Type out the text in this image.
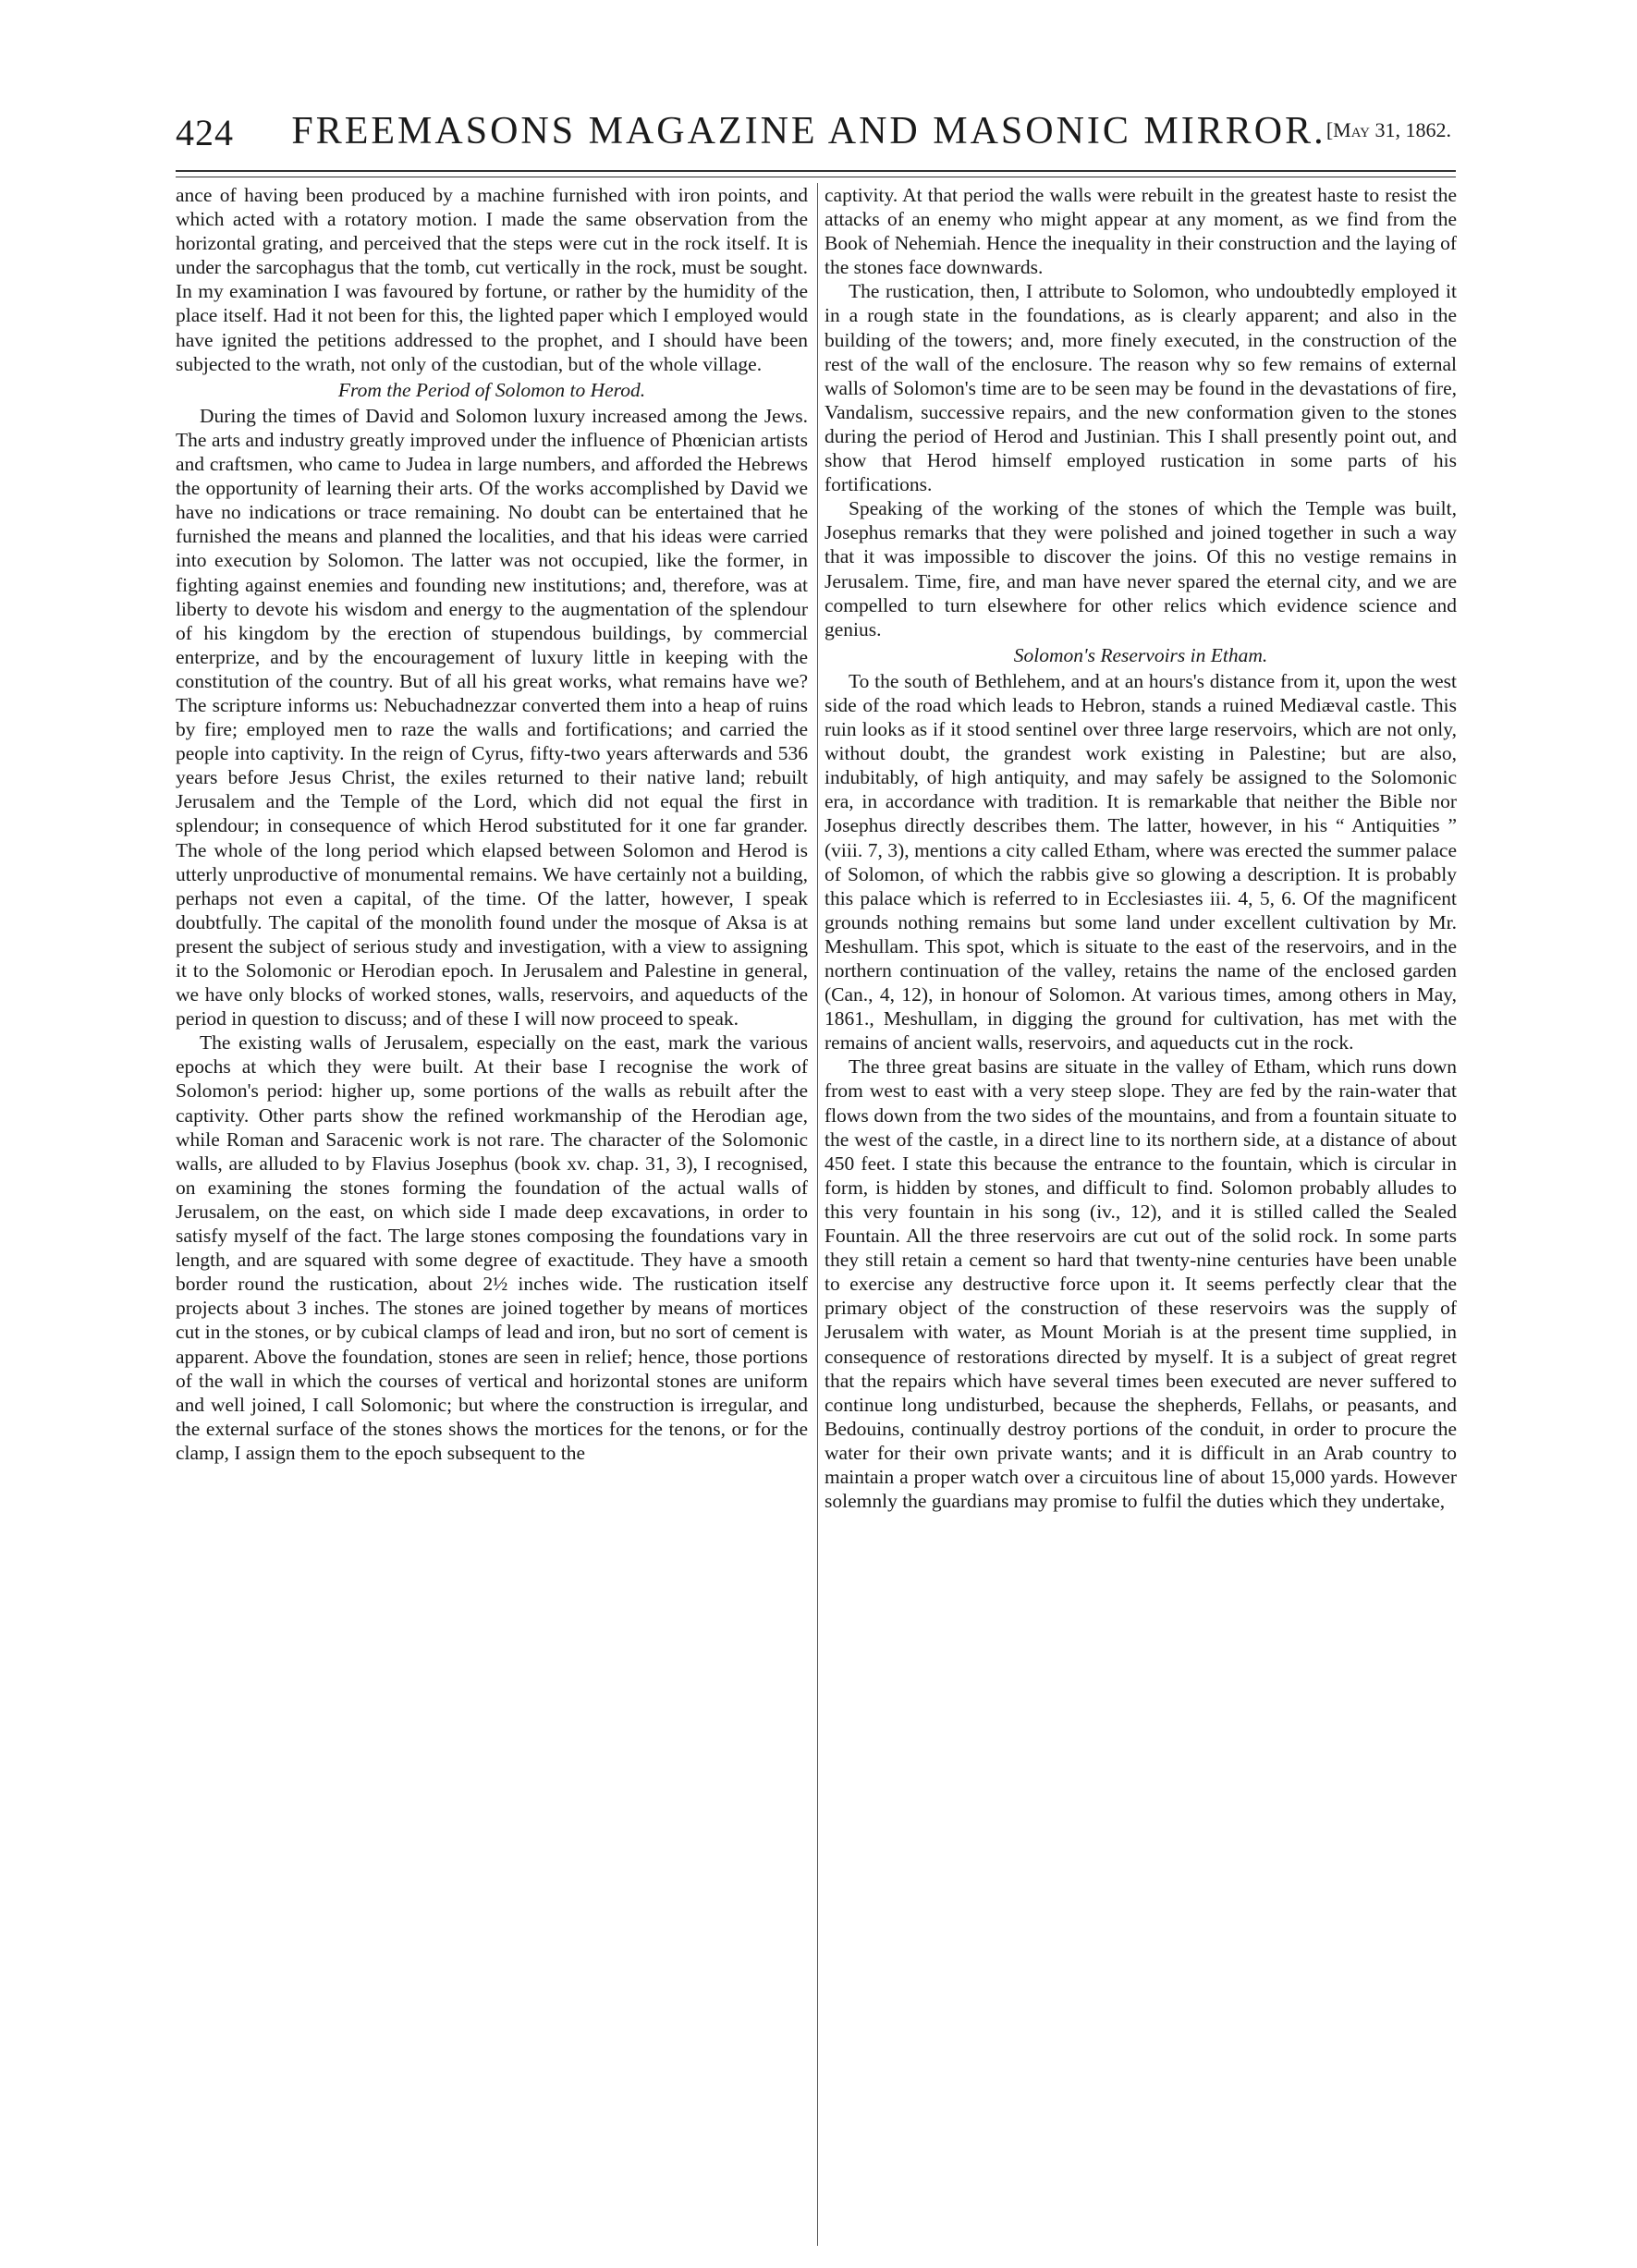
424 FREEMASONS MAGAZINE AND MASONIC MIRROR. [May 31, 1862.

ance of having been produced by a machine furnished with iron points, and which acted with a rotatory motion. I made the same observation from the horizontal grating, and perceived that the steps were cut in the rock itself. It is under the sarcophagus that the tomb, cut vertically in the rock, must be sought. In my examination I was favoured by fortune, or rather by the humidity of the place itself. Had it not been for this, the lighted paper which I employed would have ignited the petitions addressed to the prophet, and I should have been subjected to the wrath, not only of the custodian, but of the whole village.

From the Period of Solomon to Herod.

During the times of David and Solomon luxury increased among the Jews. The arts and industry greatly improved under the influence of Phœnician artists and craftsmen, who came to Judea in large numbers, and afforded the Hebrews the opportunity of learning their arts. Of the works accomplished by David we have no indications or trace remaining. No doubt can be entertained that he furnished the means and planned the localities, and that his ideas were carried into execution by Solomon. The latter was not occupied, like the former, in fighting against enemies and founding new institutions; and, therefore, was at liberty to devote his wisdom and energy to the augmentation of the splendour of his kingdom by the erection of stupendous buildings, by commercial enterprize, and by the encouragement of luxury little in keeping with the constitution of the country. But of all his great works, what remains have we? The scripture informs us: Nebuchadnezzar converted them into a heap of ruins by fire; employed men to raze the walls and fortifications; and carried the people into captivity. In the reign of Cyrus, fifty-two years afterwards and 536 years before Jesus Christ, the exiles returned to their native land; rebuilt Jerusalem and the Temple of the Lord, which did not equal the first in splendour; in consequence of which Herod substituted for it one far grander. The whole of the long period which elapsed between Solomon and Herod is utterly unproductive of monumental remains. We have certainly not a building, perhaps not even a capital, of the time. Of the latter, however, I speak doubtfully. The capital of the monolith found under the mosque of Aksa is at present the subject of serious study and investigation, with a view to assigning it to the Solomonic or Herodian epoch. In Jerusalem and Palestine in general, we have only blocks of worked stones, walls, reservoirs, and aqueducts of the period in question to discuss; and of these I will now proceed to speak.

The existing walls of Jerusalem, especially on the east, mark the various epochs at which they were built. At their base I recognise the work of Solomon's period: higher up, some portions of the walls as rebuilt after the captivity. Other parts show the refined workmanship of the Herodian age, while Roman and Saracenic work is not rare. The character of the Solomonic walls, are alluded to by Flavius Josephus (book xv. chap. 31, 3), I recognised, on examining the stones forming the foundation of the actual walls of Jerusalem, on the east, on which side I made deep excavations, in order to satisfy myself of the fact. The large stones composing the foundations vary in length, and are squared with some degree of exactitude. They have a smooth border round the rustication, about 2½ inches wide. The rustication itself projects about 3 inches. The stones are joined together by means of mortices cut in the stones, or by cubical clamps of lead and iron, but no sort of cement is apparent. Above the foundation, stones are seen in relief; hence, those portions of the wall in which the courses of vertical and horizontal stones are uniform and well joined, I call Solomonic; but where the construction is irregular, and the external surface of the stones shows the mortices for the tenons, or for the clamp, I assign them to the epoch subsequent to the

captivity. At that period the walls were rebuilt in the greatest haste to resist the attacks of an enemy who might appear at any moment, as we find from the Book of Nehemiah. Hence the inequality in their construction and the laying of the stones face downwards.

The rustication, then, I attribute to Solomon, who undoubtedly employed it in a rough state in the foundations, as is clearly apparent; and also in the building of the towers; and, more finely executed, in the construction of the rest of the wall of the enclosure. The reason why so few remains of external walls of Solomon's time are to be seen may be found in the devastations of fire, Vandalism, successive repairs, and the new conformation given to the stones during the period of Herod and Justinian. This I shall presently point out, and show that Herod himself employed rustication in some parts of his fortifications.

Speaking of the working of the stones of which the Temple was built, Josephus remarks that they were polished and joined together in such a way that it was impossible to discover the joins. Of this no vestige remains in Jerusalem. Time, fire, and man have never spared the eternal city, and we are compelled to turn elsewhere for other relics which evidence science and genius.

Solomon's Reservoirs in Etham.

To the south of Bethlehem, and at an hours's distance from it, upon the west side of the road which leads to Hebron, stands a ruined Mediæval castle. This ruin looks as if it stood sentinel over three large reservoirs, which are not only, without doubt, the grandest work existing in Palestine; but are also, indubitably, of high antiquity, and may safely be assigned to the Solomonic era, in accordance with tradition. It is remarkable that neither the Bible nor Josephus directly describes them. The latter, however, in his “ Antiquities ” (viii. 7, 3), mentions a city called Etham, where was erected the summer palace of Solomon, of which the rabbis give so glowing a description. It is probably this palace which is referred to in Ecclesiastes iii. 4, 5, 6. Of the magnificent grounds nothing remains but some land under excellent cultivation by Mr. Meshullam. This spot, which is situate to the east of the reservoirs, and in the northern continuation of the valley, retains the name of the enclosed garden (Can., 4, 12), in honour of Solomon. At various times, among others in May, 1861., Meshullam, in digging the ground for cultivation, has met with the remains of ancient walls, reservoirs, and aqueducts cut in the rock.

The three great basins are situate in the valley of Etham, which runs down from west to east with a very steep slope. They are fed by the rain-water that flows down from the two sides of the mountains, and from a fountain situate to the west of the castle, in a direct line to its northern side, at a distance of about 450 feet. I state this because the entrance to the fountain, which is circular in form, is hidden by stones, and difficult to find. Solomon probably alludes to this very fountain in his song (iv., 12), and it is stilled called the Sealed Fountain. All the three reservoirs are cut out of the solid rock. In some parts they still retain a cement so hard that twenty-nine centuries have been unable to exercise any destructive force upon it. It seems perfectly clear that the primary object of the construction of these reservoirs was the supply of Jerusalem with water, as Mount Moriah is at the present time supplied, in consequence of restorations directed by myself. It is a subject of great regret that the repairs which have several times been executed are never suffered to continue long undisturbed, because the shepherds, Fellahs, or peasants, and Bedouins, continually destroy portions of the conduit, in order to procure the water for their own private wants; and it is difficult in an Arab country to maintain a proper watch over a circuitous line of about 15,000 yards. However solemnly the guardians may promise to fulfil the duties which they undertake,
